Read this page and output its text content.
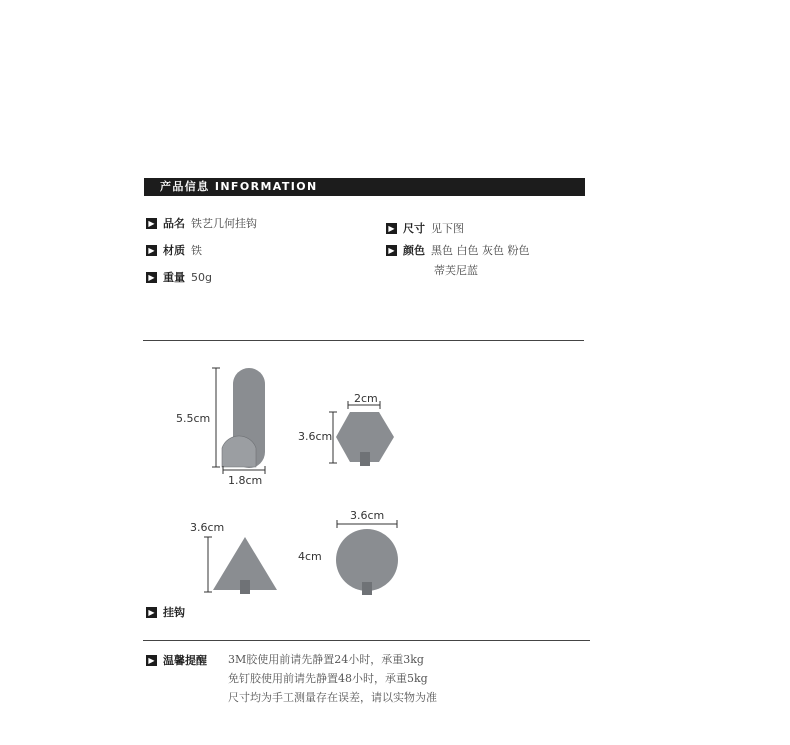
产品信息 INFORMATION
▶ 品名 铁艺几何挂钩
▶ 材质 铁
▶ 重量 50g
▶ 尺寸 见下图
▶ 颜色 黑色 白色 灰色 粉色
蒂芙尼蓝
5.5cm
1.8cm
2cm
3.6cm
3.6cm
3.6cm
4cm
▶ 挂钩
▶ 温馨提醒 3M胶使用前请先静置24小时，承重3kg
免钉胶使用前请先静置48小时，承重5kg
尺寸均为手工测量存在误差，请以实物为准
